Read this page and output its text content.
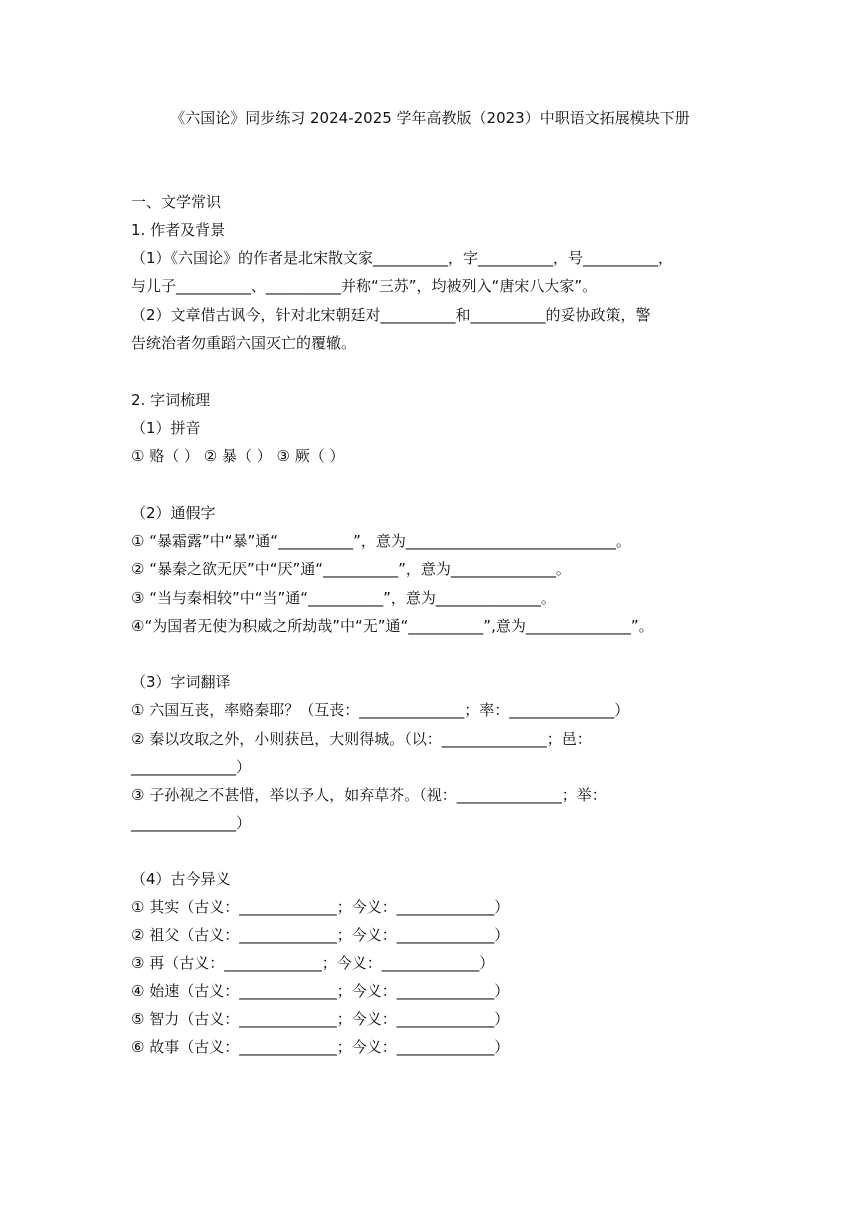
《六国论》同步练习 2024-2025 学年高教版（2023）中职语文拓展模块下册
一、文学常识
1. 作者及背景
（1）《六国论》的作者是北宋散文家__________，字__________，号__________，
与儿子__________、__________并称“三苏”，均被列入“唐宋八大家”。
（2）文章借古讽今，针对北宋朝廷对__________和__________的妥协政策，警
告统治者勿重蹈六国灭亡的覆辙。
2. 字词梳理
（1）拼音
① 赂（ ） ② 暴（ ） ③ 厥（ ）
（2）通假字
① “暴霜露”中“暴”通“__________”，意为____________________________。
② “暴秦之欲无厌”中“厌”通“__________”，意为______________。
③ “当与秦相较”中“当”通“__________”，意为______________。
④“为国者无使为积威之所劫哉”中“无”通“__________”,意为______________”。
（3）字词翻译
① 六国互丧，率赂秦耶？（互丧：______________；率：______________）
② 秦以攻取之外，小则获邑，大则得城。（以：______________；邑：
______________）
③ 子孙视之不甚惜，举以予人，如弃草芥。（视：______________；举：
______________）
（4）古今异义
① 其实（古义：_____________；今义：_____________）
② 祖父（古义：_____________；今义：_____________）
③ 再（古义：_____________；今义：_____________）
④ 始速（古义：_____________；今义：_____________）
⑤ 智力（古义：_____________；今义：_____________）
⑥ 故事（古义：_____________；今义：_____________）
